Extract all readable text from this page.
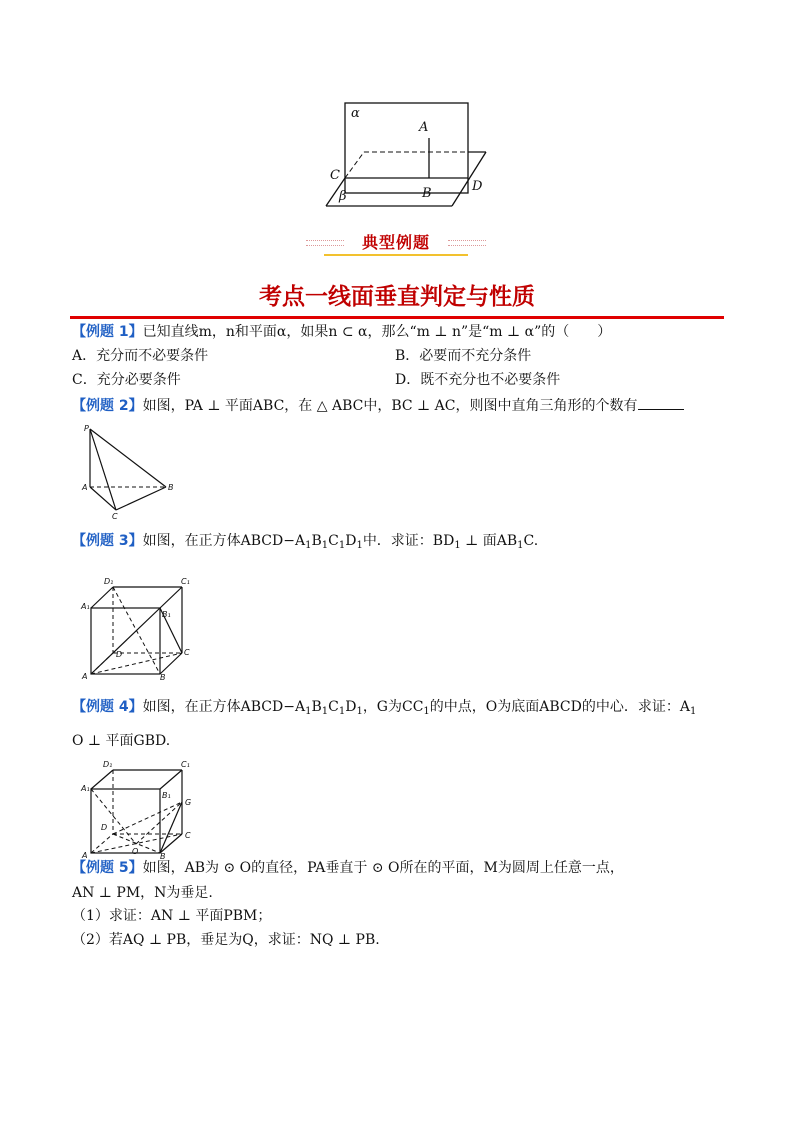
α
A
C
β	B	D
典型例题
考点一线面垂直判定与性质
【例题 1】已知直线m，n和平面α，如果n ⊂ α，那么“m ⊥ n”是“m ⊥ α”的（　　）
A．充分而不必要条件	B．必要而不充分条件
C．充分必要条件	D．既不充分也不必要条件
【例题 2】如图，PA ⊥ 平面ABC，在 △ ABC中，BC ⊥ AC，则图中直角三角形的个数有
P
A	B
C
【例题 3】如图，在正方体$ABCD-A_1B_1C_1D_1$中．求证：$BD_1$ ⊥ 面$AB_1C$.
D₁	C₁
A₁
B₁
D	C
A	B
【例题 4】如图，在正方体$ABCD-A_1B_1C_1D_1$，G为$CC_1$的中点，O为底面ABCD的中心．求证：$A_1$
O ⊥ 平面GBD.
D₁	C₁
A₁
B₁
G
D
C
O
A	B
【例题 5】如图，AB为 ⊙ O的直径，PA垂直于 ⊙ O所在的平面，M为圆周上任意一点，
AN ⊥ PM，N为垂足.
（1）求证：AN ⊥ 平面PBM；
（2）若AQ ⊥ PB，垂足为Q，求证：NQ ⊥ PB.
